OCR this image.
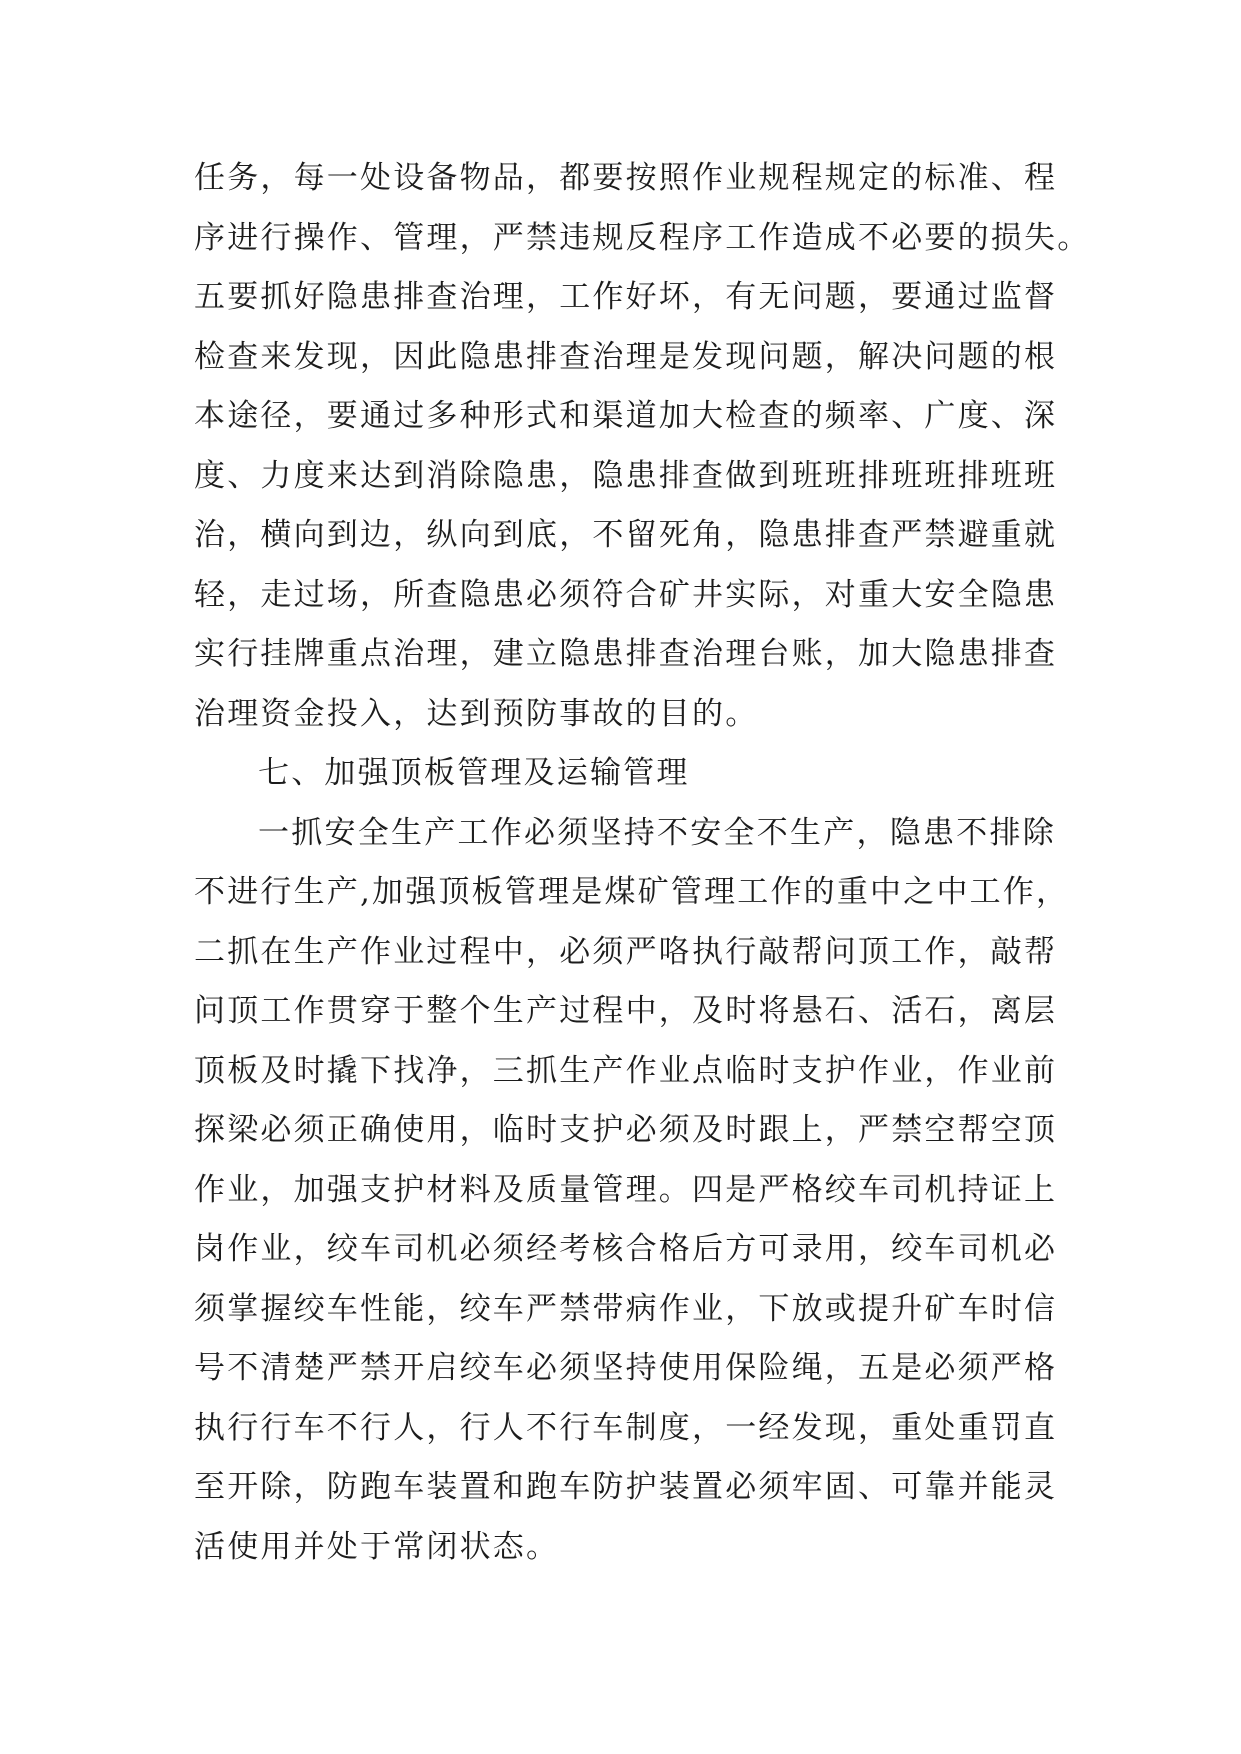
任务，每一处设备物品，都要按照作业规程规定的标准、程
序进行操作、管理，严禁违规反程序工作造成不必要的损失。
五要抓好隐患排查治理，工作好坏，有无问题，要通过监督
检查来发现，因此隐患排查治理是发现问题，解决问题的根
本途径，要通过多种形式和渠道加大检查的频率、广度、深
度、力度来达到消除隐患，隐患排查做到班班排班班排班班
治，横向到边，纵向到底，不留死角，隐患排查严禁避重就
轻，走过场，所查隐患必须符合矿井实际，对重大安全隐患
实行挂牌重点治理，建立隐患排查治理台账，加大隐患排查
治理资金投入，达到预防事故的目的。
七、加强顶板管理及运输管理
一抓安全生产工作必须坚持不安全不生产，隐患不排除
不进行生产,加强顶板管理是煤矿管理工作的重中之中工作，
二抓在生产作业过程中，必须严咯执行敲帮问顶工作，敲帮
问顶工作贯穿于整个生产过程中，及时将悬石、活石，离层
顶板及时撬下找净，三抓生产作业点临时支护作业，作业前
探梁必须正确使用，临时支护必须及时跟上，严禁空帮空顶
作业，加强支护材料及质量管理。四是严格绞车司机持证上
岗作业，绞车司机必须经考核合格后方可录用，绞车司机必
须掌握绞车性能，绞车严禁带病作业，下放或提升矿车时信
号不清楚严禁开启绞车必须坚持使用保险绳，五是必须严格
执行行车不行人，行人不行车制度，一经发现，重处重罚直
至开除，防跑车装置和跑车防护装置必须牢固、可靠并能灵
活使用并处于常闭状态。
